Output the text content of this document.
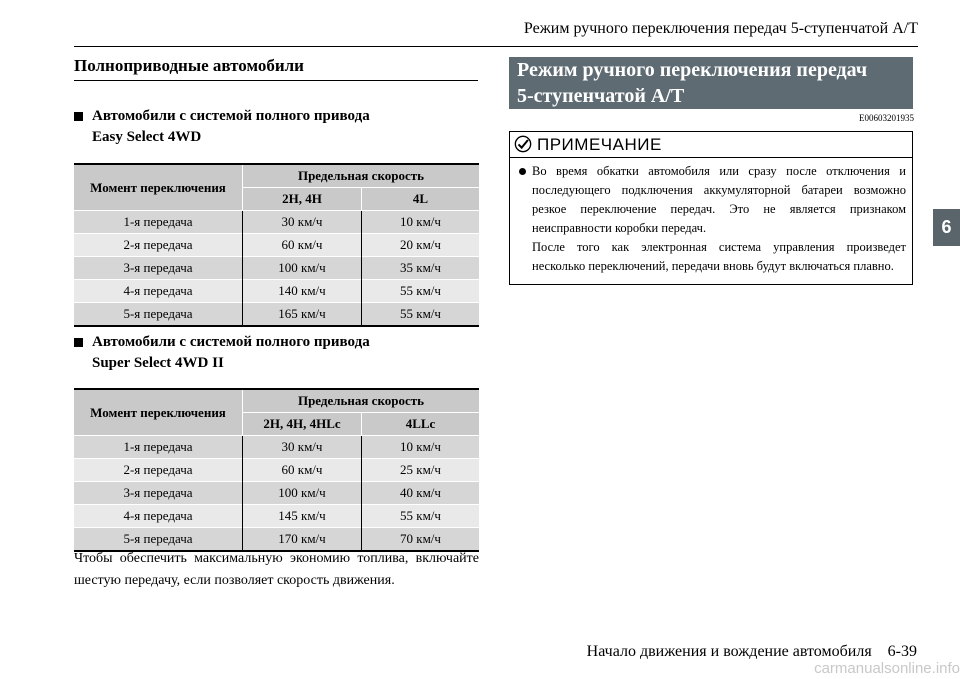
Режим ручного переключения передач 5-ступенчатой A/T
Полноприводные автомобили
Автомобили с системой полного привода
Easy Select 4WD
Момент переключения	Предельная скорость	
	2H, 4H	4L
1-я передача	30 км/ч	10 км/ч
2-я передача	60 км/ч	20 км/ч
3-я передача	100 км/ч	35 км/ч
4-я передача	140 км/ч	55 км/ч
5-я передача	165 км/ч	55 км/ч
Автомобили с системой полного привода
Super Select 4WD II
Момент переключения	Предельная скорость	
	2H, 4H, 4HLc	4LLc
1-я передача	30 км/ч	10 км/ч
2-я передача	60 км/ч	25 км/ч
3-я передача	100 км/ч	40 км/ч
4-я передача	145 км/ч	55 км/ч
5-я передача	170 км/ч	70 км/ч
Чтобы обеспечить максимальную экономию топлива, включайте шестую передачу, если позволяет скорость движения.
Режим ручного переключения передач
5-ступенчатой A/T
E00603201935
ПРИМЕЧАНИЕ
Во время обкатки автомобиля или сразу после отключения и последующего подключения аккумуляторной батареи возможно резкое переключение передач. Это не является признаком неисправности коробки передач.
После того как электронная система управления произведет несколько переключений, передачи вновь будут включаться плавно.
6
Начало движения и вождение автомобиля 6-39
carmanualsonline.info
